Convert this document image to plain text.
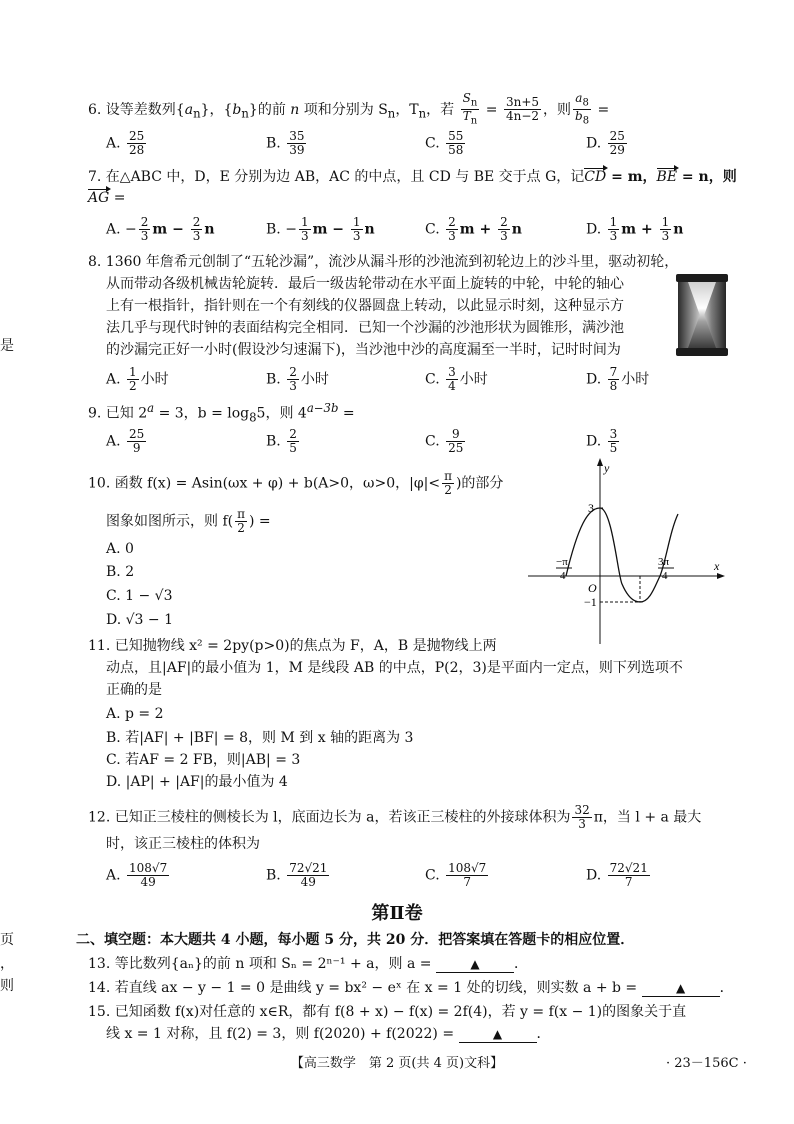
6. 设等差数列$\{a_n\}$，$\{b_n\}$的前 n 项和分别为 $S_n$，$T_n$，若 $\frac{S_n}{T_n} = \frac{3n+5}{4n-2}$ ，则 $\frac{a_8}{b_8}$ =
A. $\frac{25}{28}$	B. $\frac{35}{39}$	C. $\frac{55}{58}$	D. $\frac{25}{29}$
7. 在△ABC 中，D，E 分别为边 AB，AC 的中点，且 CD 与 BE 交于点 G，记CD = m，BE = n，则
AG =
A. − $\frac{2}{3}$ $m - \frac{2}{3}$ n	B. − $\frac{1}{3}$ $m - \frac{1}{3}$ n	C. $\frac{2}{3}$ $m + \frac{2}{3}$ n	D. $\frac{1}{3}$ $m + \frac{1}{3}$ n
8. 1360 年詹希元创制了“五轮沙漏”，流沙从漏斗形的沙池流到初轮边上的沙斗里，驱动初轮，
从而带动各级机械齿轮旋转．最后一级齿轮带动在水平面上旋转的中轮，中轮的轴心
上有一根指针，指针则在一个有刻线的仪器圆盘上转动，以此显示时刻，这种显示方
法几乎与现代时钟的表面结构完全相同．已知一个沙漏的沙池形状为圆锥形，满沙池
的沙漏完正好一小时(假设沙匀速漏下)，当沙池中沙的高度漏至一半时，记时时间为
A. $\frac{1}{2}$ 小时	B. $\frac{2}{3}$ 小时	C. $\frac{3}{4}$ 小时	D. $\frac{7}{8}$ 小时
9. 已知 $2^a = 3$，$b = \log_85$，则 $4^{a-3b}$ =
A. $\frac{25}{9}$	B. $\frac{2}{5}$	C. $\frac{9}{25}$	D. $\frac{3}{5}$
10. 函数 f(x) = Asin(ωx + φ) + b(A>0，ω>0，$|\varphi|< \frac{\pi}{2}$ )的部分
图象如图所示，则 $f( \frac{\pi}{2}$ ) =
A. 0
B. 2
C. 1 − √3
D. √3 − 1
y
x
O
3
−1
−π
4
3π
4
11. 已知抛物线 x² = 2py(p>0)的焦点为 F，A，B 是抛物线上两
动点，且|AF|的最小值为 1，M 是线段 AB 的中点，P(2，3)是平面内一定点，则下列选项不
正确的是
A. p = 2
B. 若|AF| + |BF| = 8，则 M 到 x 轴的距离为 3
C. 若AF = 2 FB，则|AB| = 3
D. |AP| + |AF|的最小值为 4
12. 已知正三棱柱的侧棱长为 l，底面边长为 a，若该正三棱柱的外接球体积为 $\frac{32}{3}$ π，当 l + a 最大
时，该正三棱柱的体积为
A. $\frac{108√7}{49}$	B. $\frac{72√21}{49}$	C. $\frac{108√7}{7}$	D. $\frac{72√21}{7}$
第Ⅱ卷
二、填空题：本大题共 4 小题，每小题 5 分，共 20 分．把答案填在答题卡的相应位置．
13. 等比数列{aₙ}的前 n 项和 Sₙ = 2ⁿ⁻¹ + a，则 a =	▲ ．
14. 若直线 ax − y − 1 = 0 是曲线 y = bx² − eˣ 在 x = 1 处的切线，则实数 a + b =	▲ ．
15. 已知函数 f(x)对任意的 x∈R，都有 f(8 + x) − f(x) = 2f(4)，若 y = f(x − 1)的图象关于直
线 x = 1 对称，且 f(2) = 3，则 f(2020) + f(2022) =	▲ ．
【高三数学　第 2 页(共 4 页)文科】	· 23－156C ·
是
页
，
则
